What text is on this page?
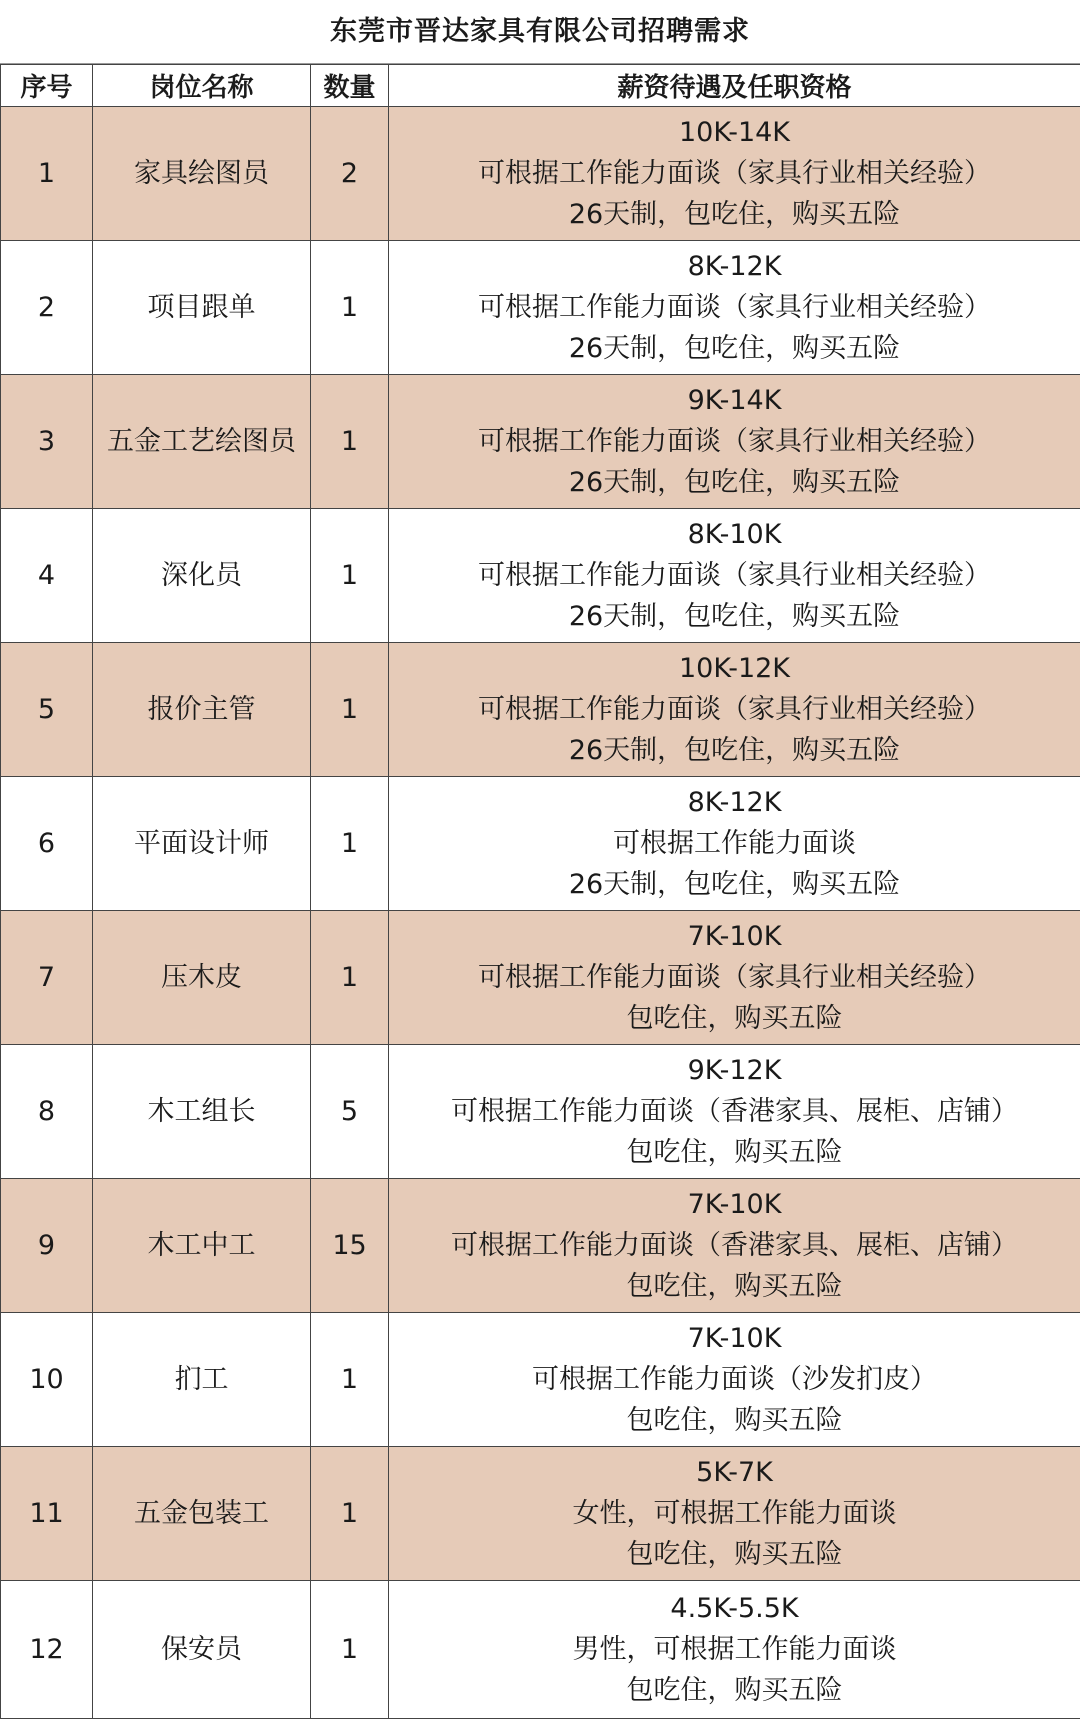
东莞市晋达家具有限公司招聘需求
序号	岗位名称	数量	薪资待遇及任职资格
1	家具绘图员	2	10K-14K
可根据工作能力面谈（家具行业相关经验）
26天制，包吃住，购买五险

2	项目跟单	1	8K-12K
可根据工作能力面谈（家具行业相关经验）
26天制，包吃住，购买五险

3	五金工艺绘图员	1	9K-14K
可根据工作能力面谈（家具行业相关经验）
26天制，包吃住，购买五险

4	深化员	1	8K-10K
可根据工作能力面谈（家具行业相关经验）
26天制，包吃住，购买五险

5	报价主管	1	10K-12K
可根据工作能力面谈（家具行业相关经验）
26天制，包吃住，购买五险

6	平面设计师	1	8K-12K
可根据工作能力面谈
26天制，包吃住，购买五险

7	压木皮	1	7K-10K
可根据工作能力面谈（家具行业相关经验）
包吃住，购买五险

8	木工组长	5	9K-12K
可根据工作能力面谈（香港家具、展柜、店铺）
包吃住，购买五险

9	木工中工	15	7K-10K
可根据工作能力面谈（香港家具、展柜、店铺）
包吃住，购买五险

10	扪工	1	7K-10K
可根据工作能力面谈（沙发扪皮）
包吃住，购买五险

11	五金包装工	1	5K-7K
女性，可根据工作能力面谈
包吃住，购买五险

12	保安员	1	4.5K-5.5K
男性，可根据工作能力面谈
包吃住，购买五险
